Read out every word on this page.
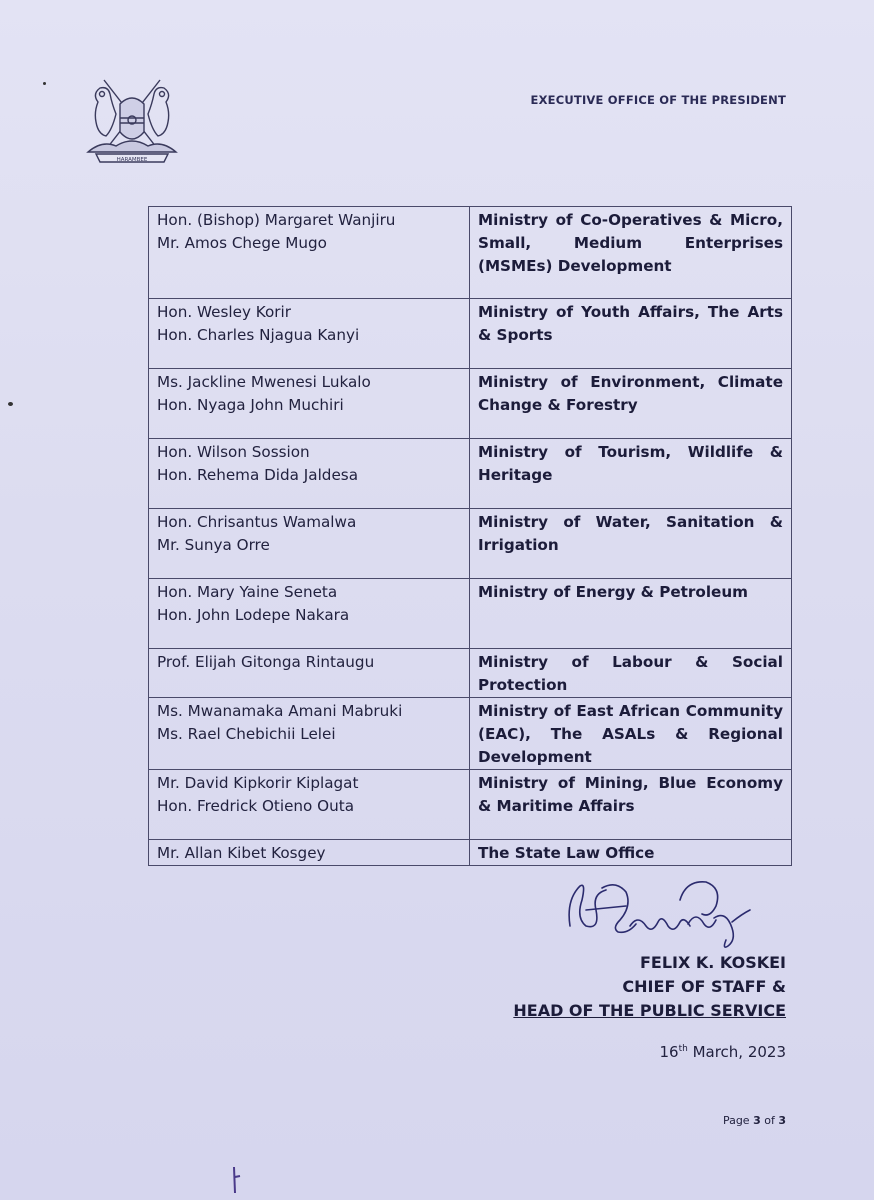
HARAMBEE
EXECUTIVE OFFICE OF THE PRESIDENT
Hon. (Bishop) Margaret Wanjiru
Mr. Amos Chege Mugo	Ministry of Co-Operatives & Micro, Small, Medium Enterprises (MSMEs) Development

Hon. Wesley Korir
Hon. Charles Njagua Kanyi	Ministry of Youth Affairs, The Arts & Sports

Ms. Jackline Mwenesi Lukalo
Hon. Nyaga John Muchiri	Ministry of Environment, Climate Change & Forestry

Hon. Wilson Sossion
Hon. Rehema Dida Jaldesa	Ministry of Tourism, Wildlife & Heritage

Hon. Chrisantus Wamalwa
Mr. Sunya Orre	Ministry of Water, Sanitation & Irrigation

Hon. Mary Yaine Seneta
Hon. John Lodepe Nakara	Ministry of Energy & Petroleum

Prof. Elijah Gitonga Rintaugu	Ministry of Labour & Social Protection

Ms. Mwanamaka Amani Mabruki
Ms. Rael Chebichii Lelei	Ministry of East African Community (EAC), The ASALs & Regional Development

Mr. David Kipkorir Kiplagat
Hon. Fredrick Otieno Outa	Ministry of Mining, Blue Economy & Maritime Affairs

Mr. Allan Kibet Kosgey	The State Law Office
FELIX K. KOSKEI
CHIEF OF STAFF &
HEAD OF THE PUBLIC SERVICE
16th March, 2023
Page 3 of 3
